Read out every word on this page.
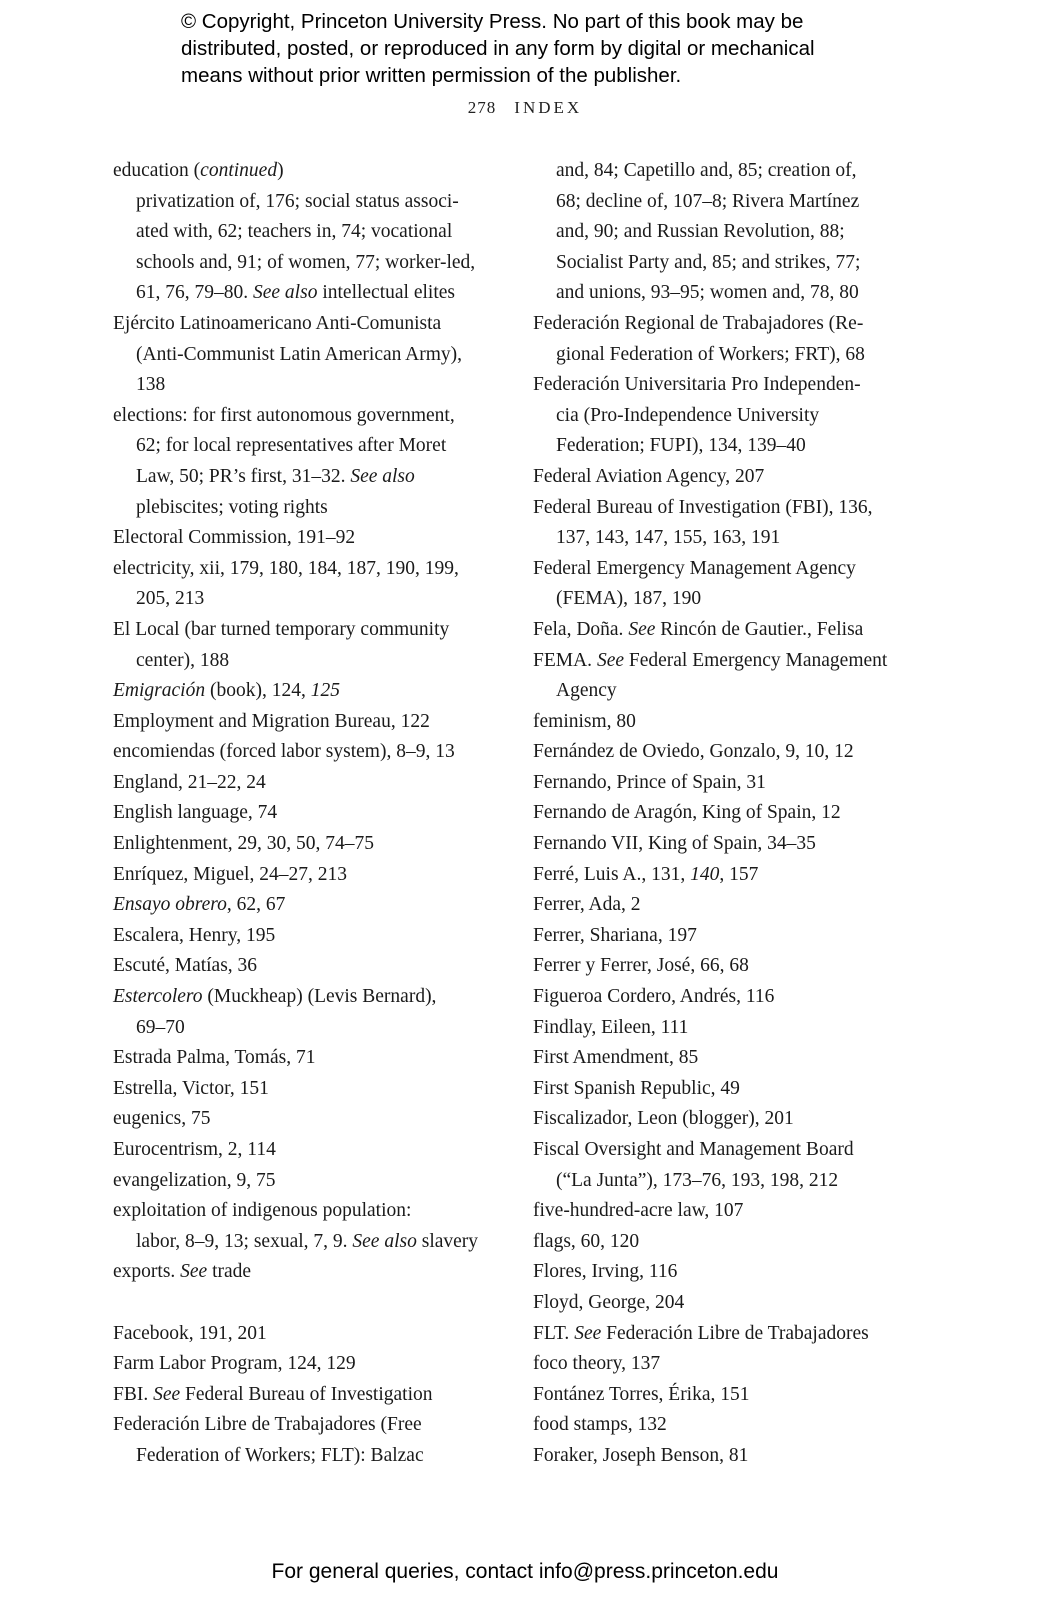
© Copyright, Princeton University Press. No part of this book may be
distributed, posted, or reproduced in any form by digital or mechanical
means without prior written permission of the publisher.
278 INDEX
education (continued)
privatization of, 176; social status associ-
ated with, 62; teachers in, 74; vocational
schools and, 91; of women, 77; worker-led,
61, 76, 79–80. See also intellectual elites
Ejército Latinoamericano Anti-Comunista
(Anti-Communist Latin American Army),
138
elections: for first autonomous government,
62; for local representatives after Moret
Law, 50; PR’s first, 31–32. See also
plebiscites; voting rights
Electoral Commission, 191–92
electricity, xii, 179, 180, 184, 187, 190, 199,
205, 213
El Local (bar turned temporary community
center), 188
Emigración (book), 124, 125
Employment and Migration Bureau, 122
encomiendas (forced labor system), 8–9, 13
England, 21–22, 24
English language, 74
Enlightenment, 29, 30, 50, 74–75
Enríquez, Miguel, 24–27, 213
Ensayo obrero, 62, 67
Escalera, Henry, 195
Escuté, Matías, 36
Estercolero (Muckheap) (Levis Bernard),
69–70
Estrada Palma, Tomás, 71
Estrella, Victor, 151
eugenics, 75
Eurocentrism, 2, 114
evangelization, 9, 75
exploitation of indigenous population:
labor, 8–9, 13; sexual, 7, 9. See also slavery
exports. See trade
Facebook, 191, 201
Farm Labor Program, 124, 129
FBI. See Federal Bureau of Investigation
Federación Libre de Trabajadores (Free
Federation of Workers; FLT): Balzac
and, 84; Capetillo and, 85; creation of,
68; decline of, 107–8; Rivera Martínez
and, 90; and Russian Revolution, 88;
Socialist Party and, 85; and strikes, 77;
and unions, 93–95; women and, 78, 80
Federación Regional de Trabajadores (Re-
gional Federation of Workers; FRT), 68
Federación Universitaria Pro Independen-
cia (Pro-Independence University
Federation; FUPI), 134, 139–40
Federal Aviation Agency, 207
Federal Bureau of Investigation (FBI), 136,
137, 143, 147, 155, 163, 191
Federal Emergency Management Agency
(FEMA), 187, 190
Fela, Doña. See Rincón de Gautier., Felisa
FEMA. See Federal Emergency Management
Agency
feminism, 80
Fernández de Oviedo, Gonzalo, 9, 10, 12
Fernando, Prince of Spain, 31
Fernando de Aragón, King of Spain, 12
Fernando VII, King of Spain, 34–35
Ferré, Luis A., 131, 140, 157
Ferrer, Ada, 2
Ferrer, Shariana, 197
Ferrer y Ferrer, José, 66, 68
Figueroa Cordero, Andrés, 116
Findlay, Eileen, 111
First Amendment, 85
First Spanish Republic, 49
Fiscalizador, Leon (blogger), 201
Fiscal Oversight and Management Board
(“La Junta”), 173–76, 193, 198, 212
five-hundred-acre law, 107
flags, 60, 120
Flores, Irving, 116
Floyd, George, 204
FLT. See Federación Libre de Trabajadores
foco theory, 137
Fontánez Torres, Érika, 151
food stamps, 132
Foraker, Joseph Benson, 81
For general queries, contact info@press.princeton.edu
